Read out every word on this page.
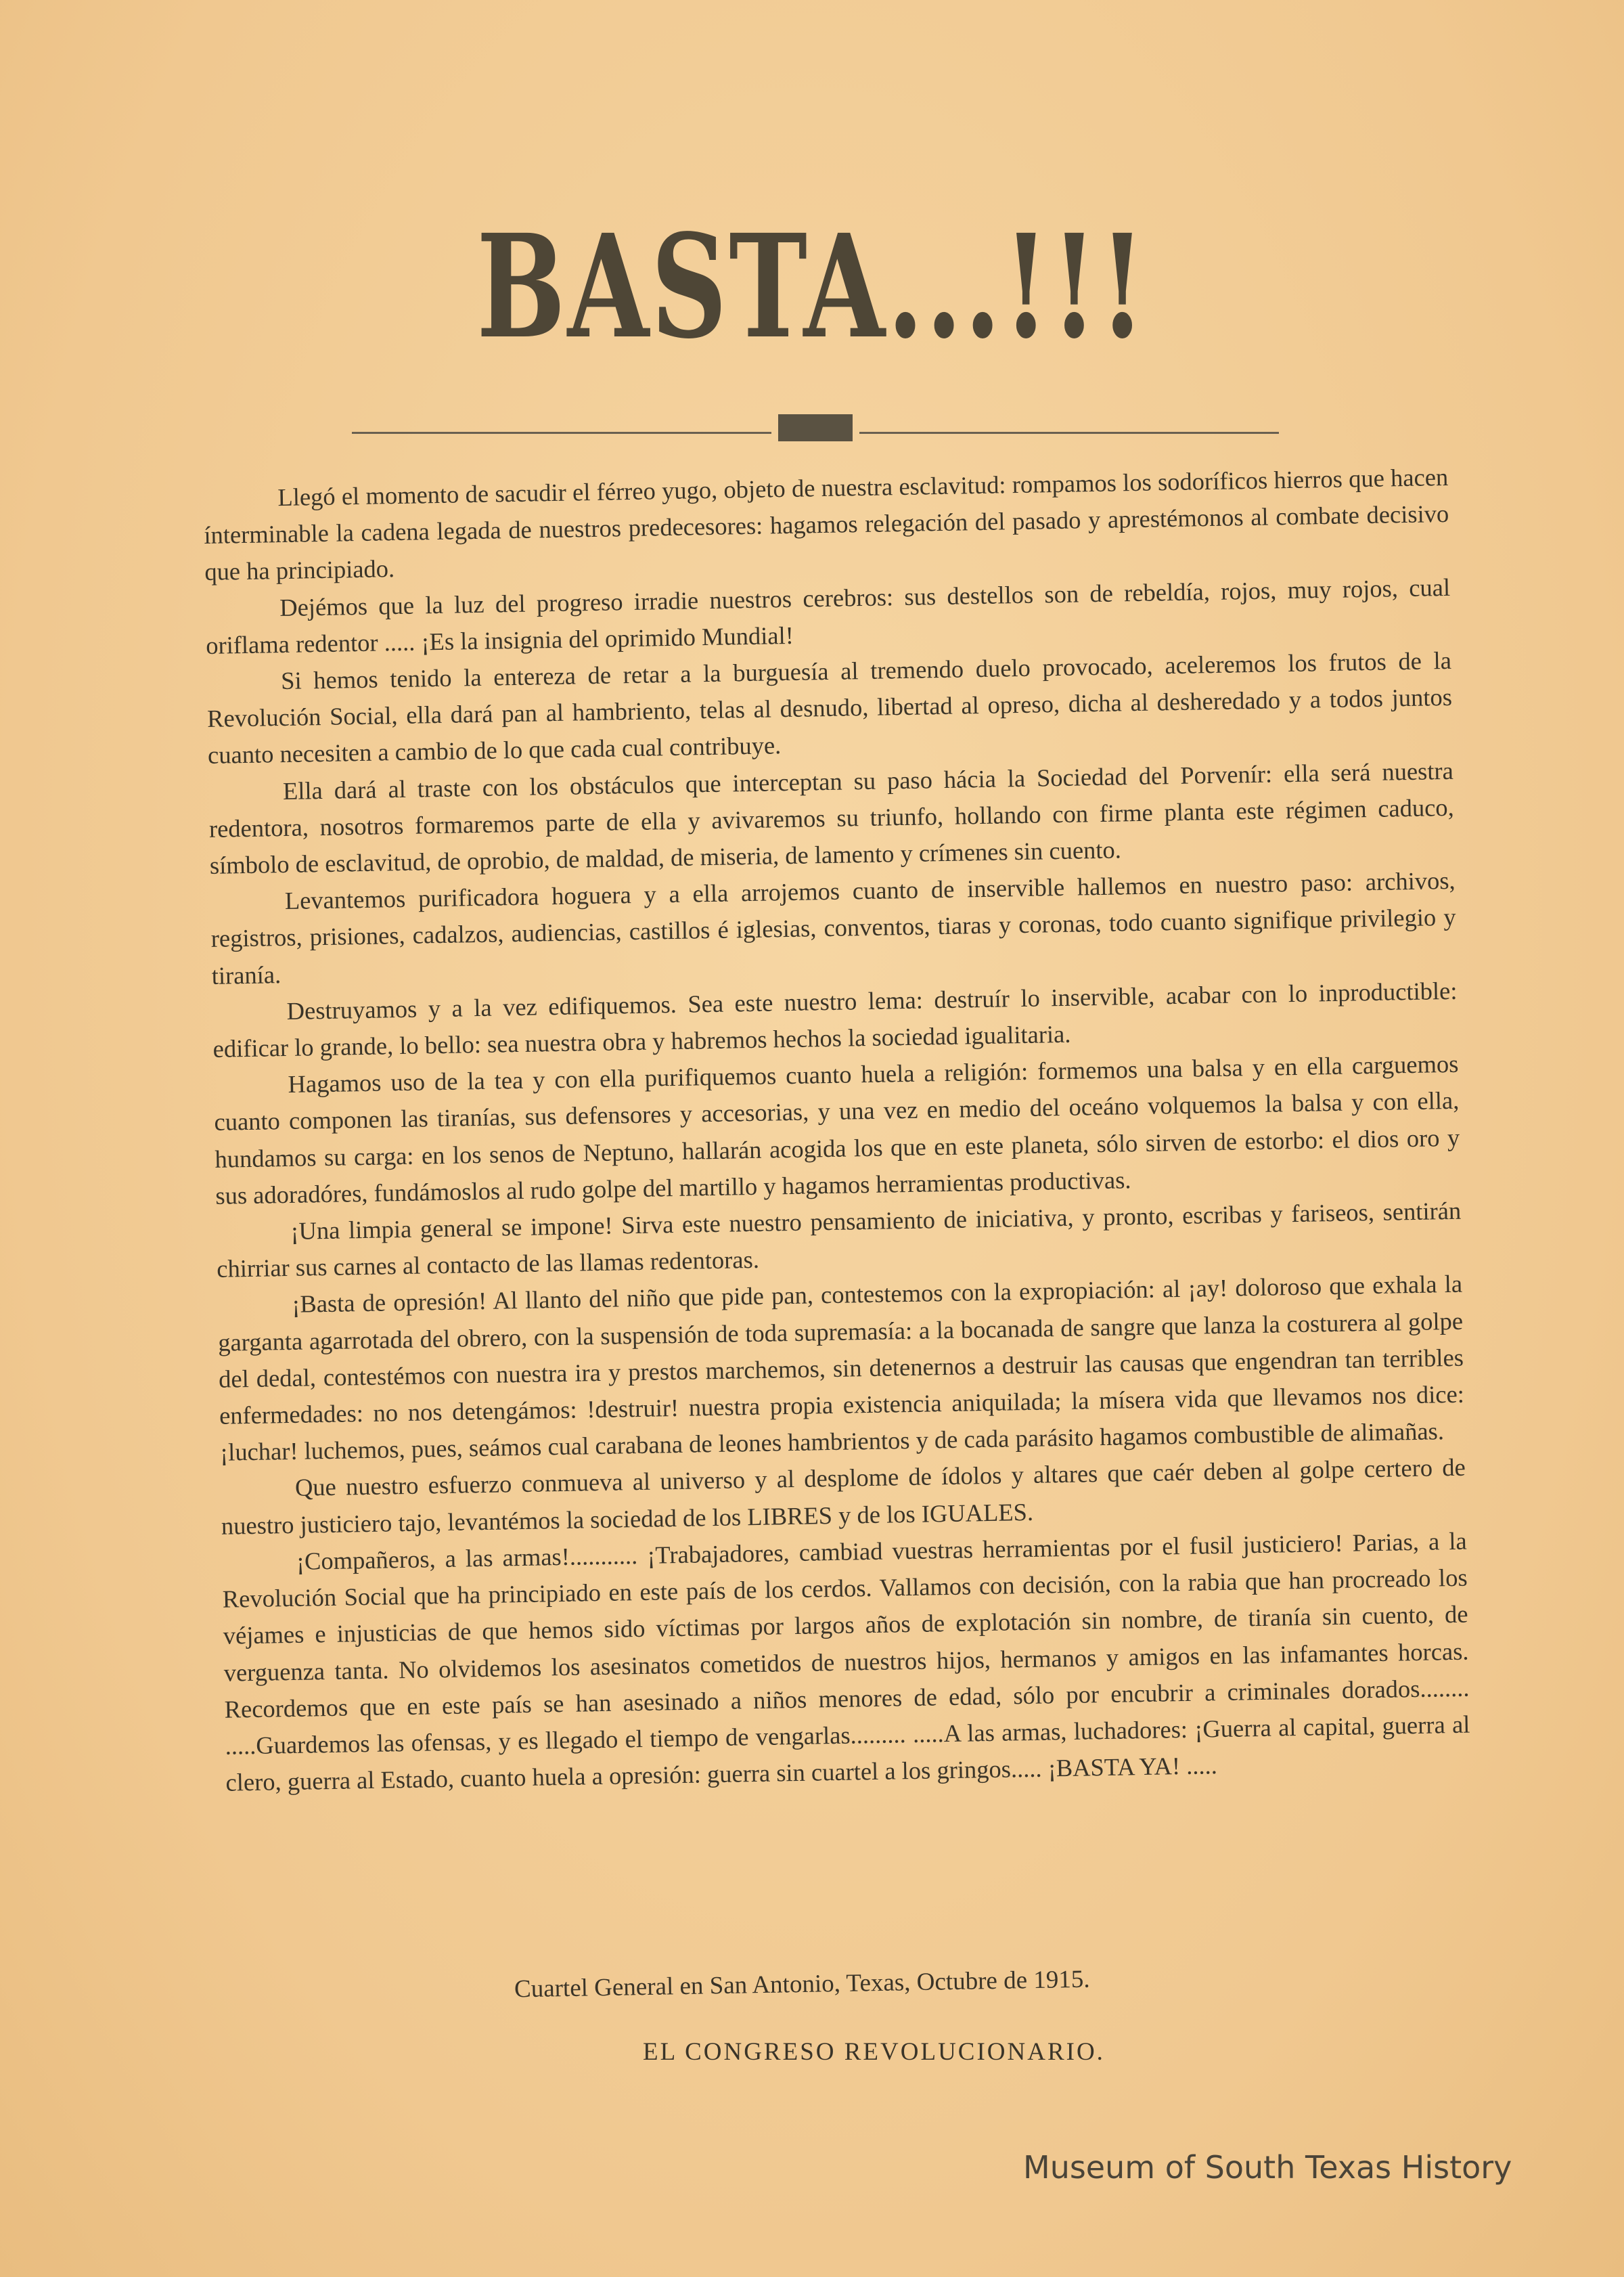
BASTA...!!!

Llegó el momento de sacudir el férreo yugo, objeto de nuestra esclavitud: rompamos los sodoríficos hierros que hacen ínterminable la cadena legada de nuestros predecesores: hagamos relegación del pasado y aprestémonos al combate decisivo que ha principiado.

Dejémos que la luz del progreso irradie nuestros cerebros: sus destellos son de rebeldía, rojos, muy rojos, cual oriflama redentor ..... ¡Es la insignia del oprimido Mundial!

Si hemos tenido la entereza de retar a la burguesía al tremendo duelo provocado, aceleremos los frutos de la Revolución Social, ella dará pan al hambriento, telas al desnudo, libertad al opreso, dicha al desheredado y a todos juntos cuanto necesiten a cambio de lo que cada cual contribuye.

Ella dará al traste con los obstáculos que interceptan su paso hácia la Sociedad del Porvenír: ella será nuestra redentora, nosotros formaremos parte de ella y avivaremos su triunfo, hollando con firme planta este régimen caduco, símbolo de esclavitud, de oprobio, de maldad, de miseria, de lamento y crímenes sin cuento.

Levantemos purificadora hoguera y a ella arrojemos cuanto de inservible hallemos en nuestro paso: archivos, registros, prisiones, cadalzos, audiencias, castillos é iglesias, conventos, tiaras y coronas, todo cuanto signifique privilegio y tiranía.

Destruyamos y a la vez edifiquemos. Sea este nuestro lema: destruír lo inservible, acabar con lo inproductible: edificar lo grande, lo bello: sea nuestra obra y habremos hechos la sociedad igualitaria.

Hagamos uso de la tea y con ella purifiquemos cuanto huela a religión: formemos una balsa y en ella carguemos cuanto componen las tiranías, sus defensores y accesorias, y una vez en medio del oceáno volquemos la balsa y con ella, hundamos su carga: en los senos de Neptuno, hallarán acogida los que en este planeta, sólo sirven de estorbo: el dios oro y sus adoradóres, fundámoslos al rudo golpe del martillo y hagamos herramientas productivas.

¡Una limpia general se impone! Sirva este nuestro pensamiento de iniciativa, y pronto, escribas y fariseos, sentirán chirriar sus carnes al contacto de las llamas redentoras.

¡Basta de opresión! Al llanto del niño que pide pan, contestemos con la expropiación: al ¡ay! doloroso que exhala la garganta agarrotada del obrero, con la suspensión de toda supremasía: a la bocanada de sangre que lanza la costurera al golpe del dedal, contestémos con nuestra ira y prestos marchemos, sin detenernos a destruir las causas que engendran tan terribles enfermedades: no nos detengámos: !destruir! nuestra propia existencia aniquilada; la mísera vida que llevamos nos dice: ¡luchar! luchemos, pues, seámos cual carabana de leones hambrientos y de cada parásito hagamos combustible de alimañas.

Que nuestro esfuerzo conmueva al universo y al desplome de ídolos y altares que caér deben al golpe certero de nuestro justiciero tajo, levantémos la sociedad de los LIBRES y de los IGUALES.

¡Compañeros, a las armas!........... ¡Trabajadores, cambiad vuestras herramientas por el fusil justiciero! Parias, a la Revolución Social que ha principiado en este país de los cerdos. Vallamos con decisión, con la rabia que han procreado los véjames e injusticias de que hemos sido víctimas por largos años de explotación sin nombre, de tiranía sin cuento, de verguenza tanta. No olvidemos los asesinatos cometidos de nuestros hijos, hermanos y amigos en las infamantes horcas. Recordemos que en este país se han asesinado a niños menores de edad, sólo por encubrir a criminales dorados........ .....Guardemos las ofensas, y es llegado el tiempo de vengarlas......... .....A las armas, luchadores: ¡Guerra al capital, guerra al clero, guerra al Estado, cuanto huela a opresión: guerra sin cuartel a los gringos..... ¡BASTA YA! .....

Cuartel General en San Antonio, Texas, Octubre de 1915.
EL CONGRESO REVOLUCIONARIO.
Museum of South Texas History
